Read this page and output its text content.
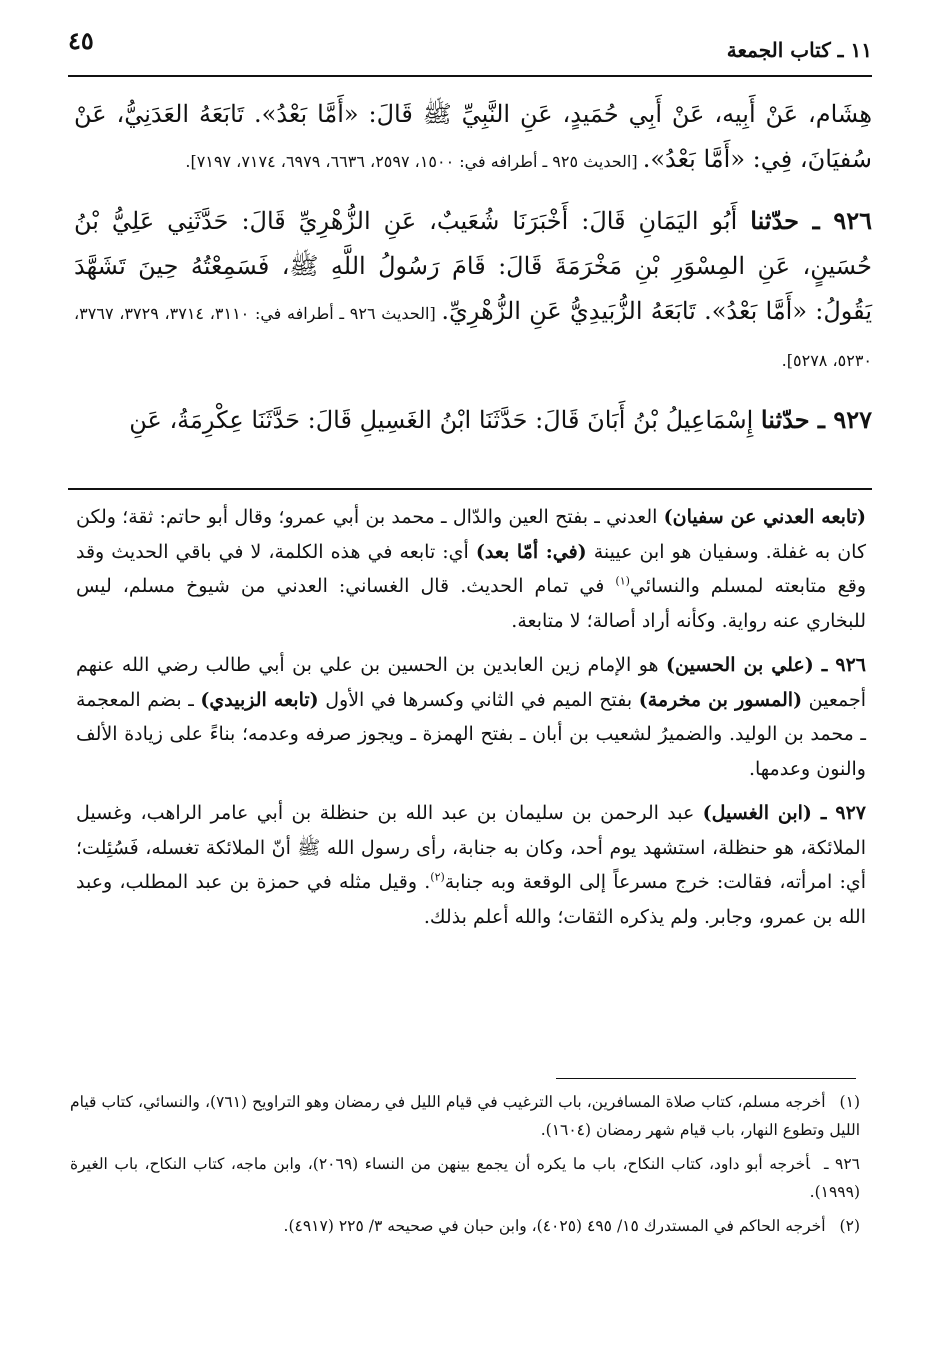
١١ ـ كتاب الجمعة
٤٥

هِشَام، عَنْ أَبِيه، عَنْ أَبِي حُمَيدٍ، عَنِ النَّبِيِّ ﷺ قَالَ: «أَمَّا بَعْدُ». تَابَعَهُ العَدَنِيُّ، عَنْ سُفيَانَ، فِي: «أَمَّا بَعْدُ». [الحديث ٩٢٥ ـ أطرافه في: ١٥٠٠، ٢٥٩٧، ٦٦٣٦، ٦٩٧٩، ٧١٧٤، ٧١٩٧].

٩٢٦ ـ حدّثنا أَبُو اليَمَانِ قَالَ: أَخْبَرَنَا شُعَيبٌ، عَنِ الزُّهْرِيِّ قَالَ: حَدَّثَنِي عَلِيُّ بْنُ حُسَينٍ، عَنِ المِسْوَرِ بْنِ مَخْرَمَةَ قَالَ: قَامَ رَسُولُ اللَّهِ ﷺ، فَسَمِعْتُهُ حِينَ تَشَهَّدَ يَقُولُ: «أَمَّا بَعْدُ». تَابَعَهُ الزُّبَيدِيُّ عَنِ الزُّهْرِيِّ. [الحديث ٩٢٦ ـ أطرافه في: ٣١١٠، ٣٧١٤، ٣٧٢٩، ٣٧٦٧، ٥٢٣٠، ٥٢٧٨].

٩٢٧ ـ حدّثنا إِسْمَاعِيلُ بْنُ أَبَانَ قَالَ: حَدَّثَنَا ابْنُ الغَسِيلِ قَالَ: حَدَّثَنَا عِكْرِمَةُ، عَنِ

(تابعه العدني عن سفيان) العدني ـ بفتح العين والدّال ـ محمد بن أبي عمرو؛ وقال أبو حاتم: ثقة؛ ولكن كان به غفلة. وسفيان هو ابن عيينة (في: أمّا بعد) أي: تابعه في هذه الكلمة، لا في باقي الحديث وقد وقع متابعته لمسلم والنسائي$^{(١)}$ في تمام الحديث. قال الغساني: العدني من شيوخ مسلم، ليس للبخاري عنه رواية. وكأنه أراد أصالة؛ لا متابعة.

٩٢٦ ـ (علي بن الحسين) هو الإمام زين العابدين بن الحسين بن علي بن أبي طالب رضي الله عنهم أجمعين (المسور بن مخرمة) بفتح الميم في الثاني وكسرها في الأول (تابعه الزبيدي) ـ بضم المعجمة ـ محمد بن الوليد. والضميرُ لشعيب بن أبان ـ بفتح الهمزة ـ ويجوز صرفه وعدمه؛ بناءً على زيادة الألف والنون وعدمها.

٩٢٧ ـ (ابن الغسيل) عبد الرحمن بن سليمان بن عبد الله بن حنظلة بن أبي عامر الراهب، وغسيل الملائكة، هو حنظلة، استشهد يوم أحد، وكان به جنابة، رأى رسول الله ﷺ أنّ الملائكة تغسله، فَسُئِلت؛ أي: امرأته، فقالت: خرج مسرعاً إلى الوقعة وبه جنابة$^{(٢)}$. وقيل مثله في حمزة بن عبد المطلب، وعبد الله بن عمرو، وجابر. ولم يذكره الثقات؛ والله أعلم بذلك.

(١)أخرجه مسلم، كتاب صلاة المسافرين، باب الترغيب في قيام الليل في رمضان وهو التراويح (٧٦١)، والنسائي، كتاب قيام الليل وتطوع النهار، باب قيام شهر رمضان (١٦٠٤).

٩٢٦ ـأخرجه أبو داود، كتاب النكاح، باب ما يكره أن يجمع بينهن من النساء (٢٠٦٩)، وابن ماجه، كتاب النكاح، باب الغيرة (١٩٩٩).

(٢)أخرجه الحاكم في المستدرك ١٥/ ٤٩٥ (٤٠٢٥)، وابن حبان في صحيحه ٣/ ٢٢٥ (٤٩١٧).
